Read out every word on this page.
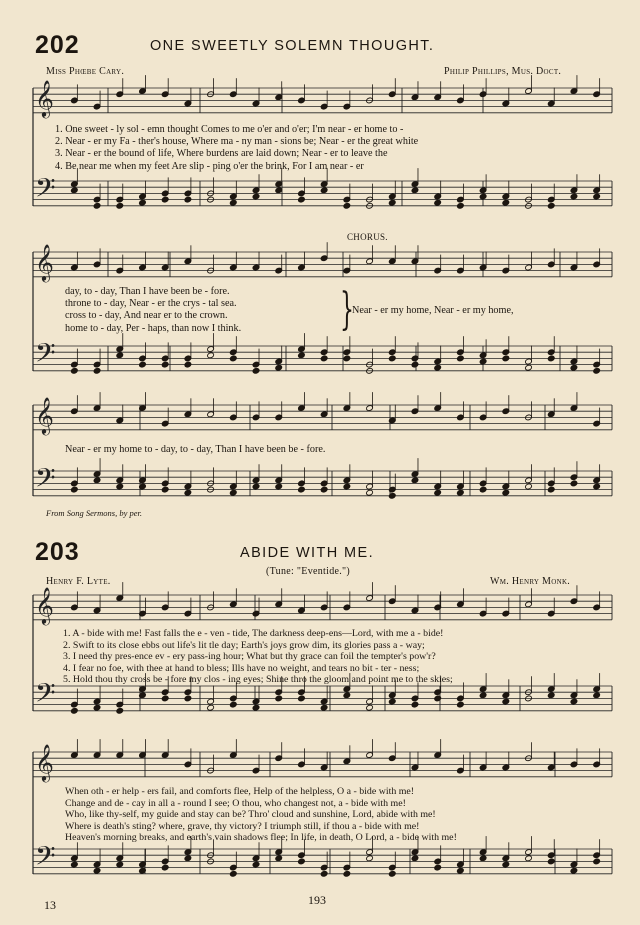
202	ONE SWEETLY SOLEMN THOUGHT.
Miss Phœbe Cary.	Philip Phillips, Mus. Doct.
𝄞
𝄢
𝄞
𝄢
𝄞
𝄢
𝄞
𝄢
𝄞
𝄢
1. One sweet - ly sol - emn thought Comes to me o'er and o'er; I'm near - er home to -
2. Near - er my Fa - ther's house, Where ma - ny man - sions be; Near - er the great white
3. Near - er the bound of life, Where burdens are laid down; Near - er to leave the
4. Be near me when my feet Are slip - ping o'er the brink, For I am near - er
day, to - day, Than I have been be - fore.
throne to - day, Near - er the crys - tal sea.
cross to - day, And near er to the crown.
home to - day, Per - haps, than now I think. }
CHORUS.
Near - er my home, Near - er my home,
Near - er my home to - day, to - day, Than I have been be - fore.
From Song Sermons, by per.
203	ABIDE WITH ME.
(Tune: "Eventide.")
Henry F. Lyte.	Wm. Henry Monk.
1. A - bide with me! Fast falls the e - ven - tide, The darkness deep-ens—Lord, with me a - bide!
2. Swift to its close ebbs out life's lit tle day; Earth's joys grow dim, its glories pass a - way;
3. I need thy pres-ence ev - ery pass-ing hour; What but thy grace can foil the tempter's pow'r?
4. I fear no foe, with thee at hand to bless; Ills have no weight, and tears no bit - ter - ness;
5. Hold thou thy cross be - fore my clos - ing eyes; Shine thro the gloom and point me to the skies;
When oth - er help - ers fail, and comforts flee, Help of the helpless, O a - bide with me!
Change and de - cay in all a - round I see; O thou, who changest not, a - bide with me!
Who, like thy-self, my guide and stay can be? Thro' cloud and sunshine, Lord, abide with me!
Where is death's sting? where, grave, thy victory? I triumph still, if thou a - bide with me!
Heaven's morning breaks, and earth's vain shadows flee; In life, in death, O Lord, a - bide with me!
13	193
